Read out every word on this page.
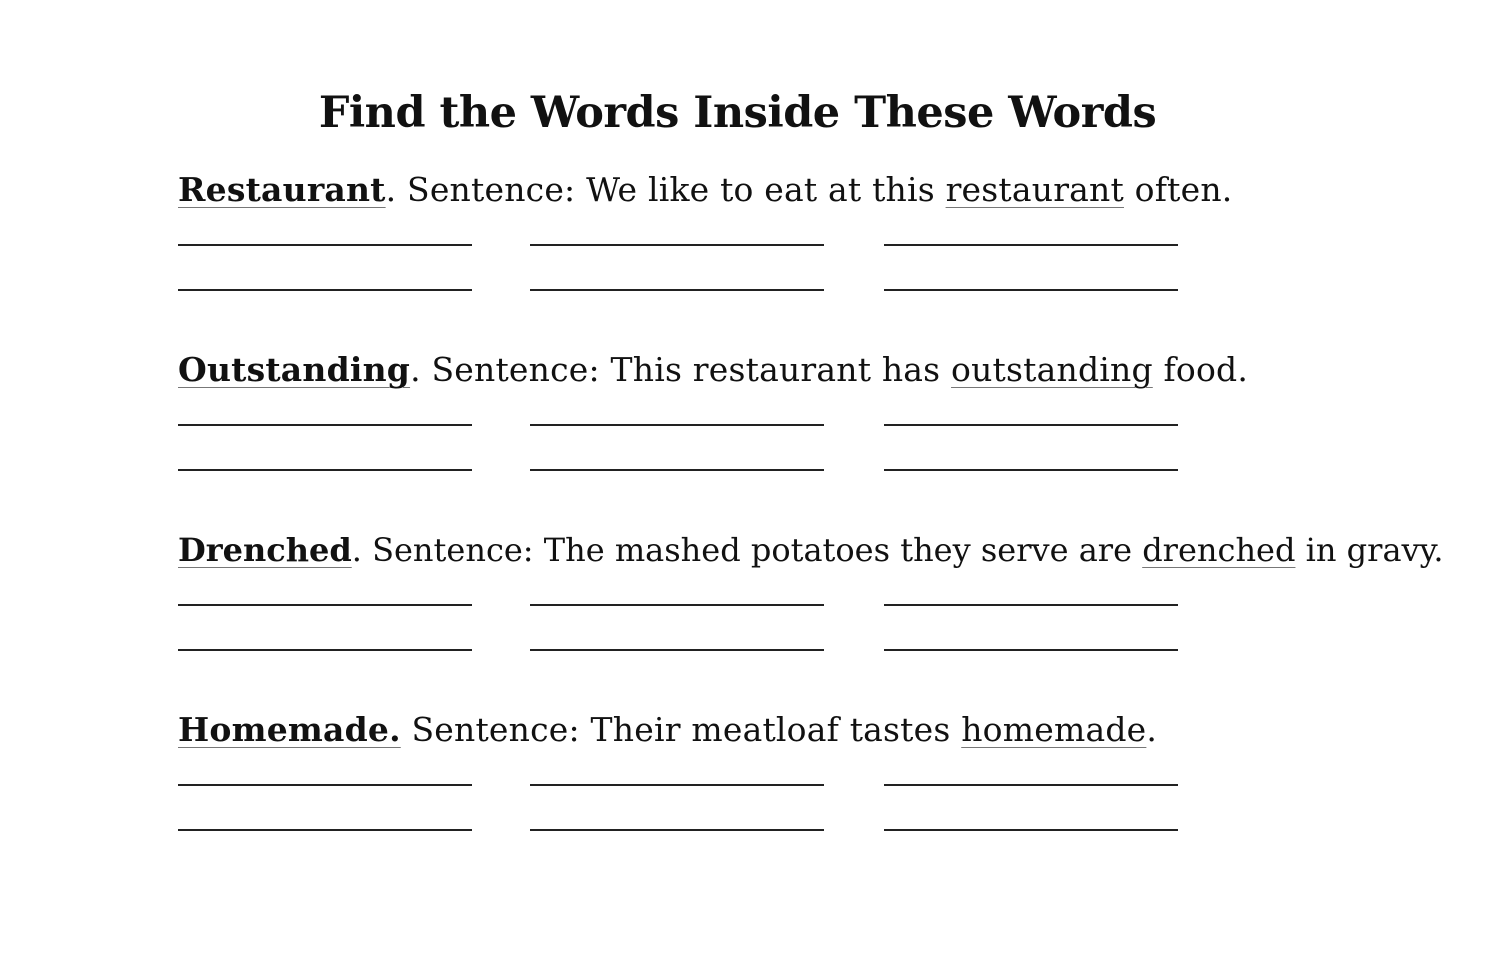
Find the Words Inside These Words
Restaurant. Sentence: We like to eat at this restaurant often.
Outstanding. Sentence: This restaurant has outstanding food.
Drenched. Sentence: The mashed potatoes they serve are drenched in gravy.
Homemade. Sentence: Their meatloaf tastes homemade.
